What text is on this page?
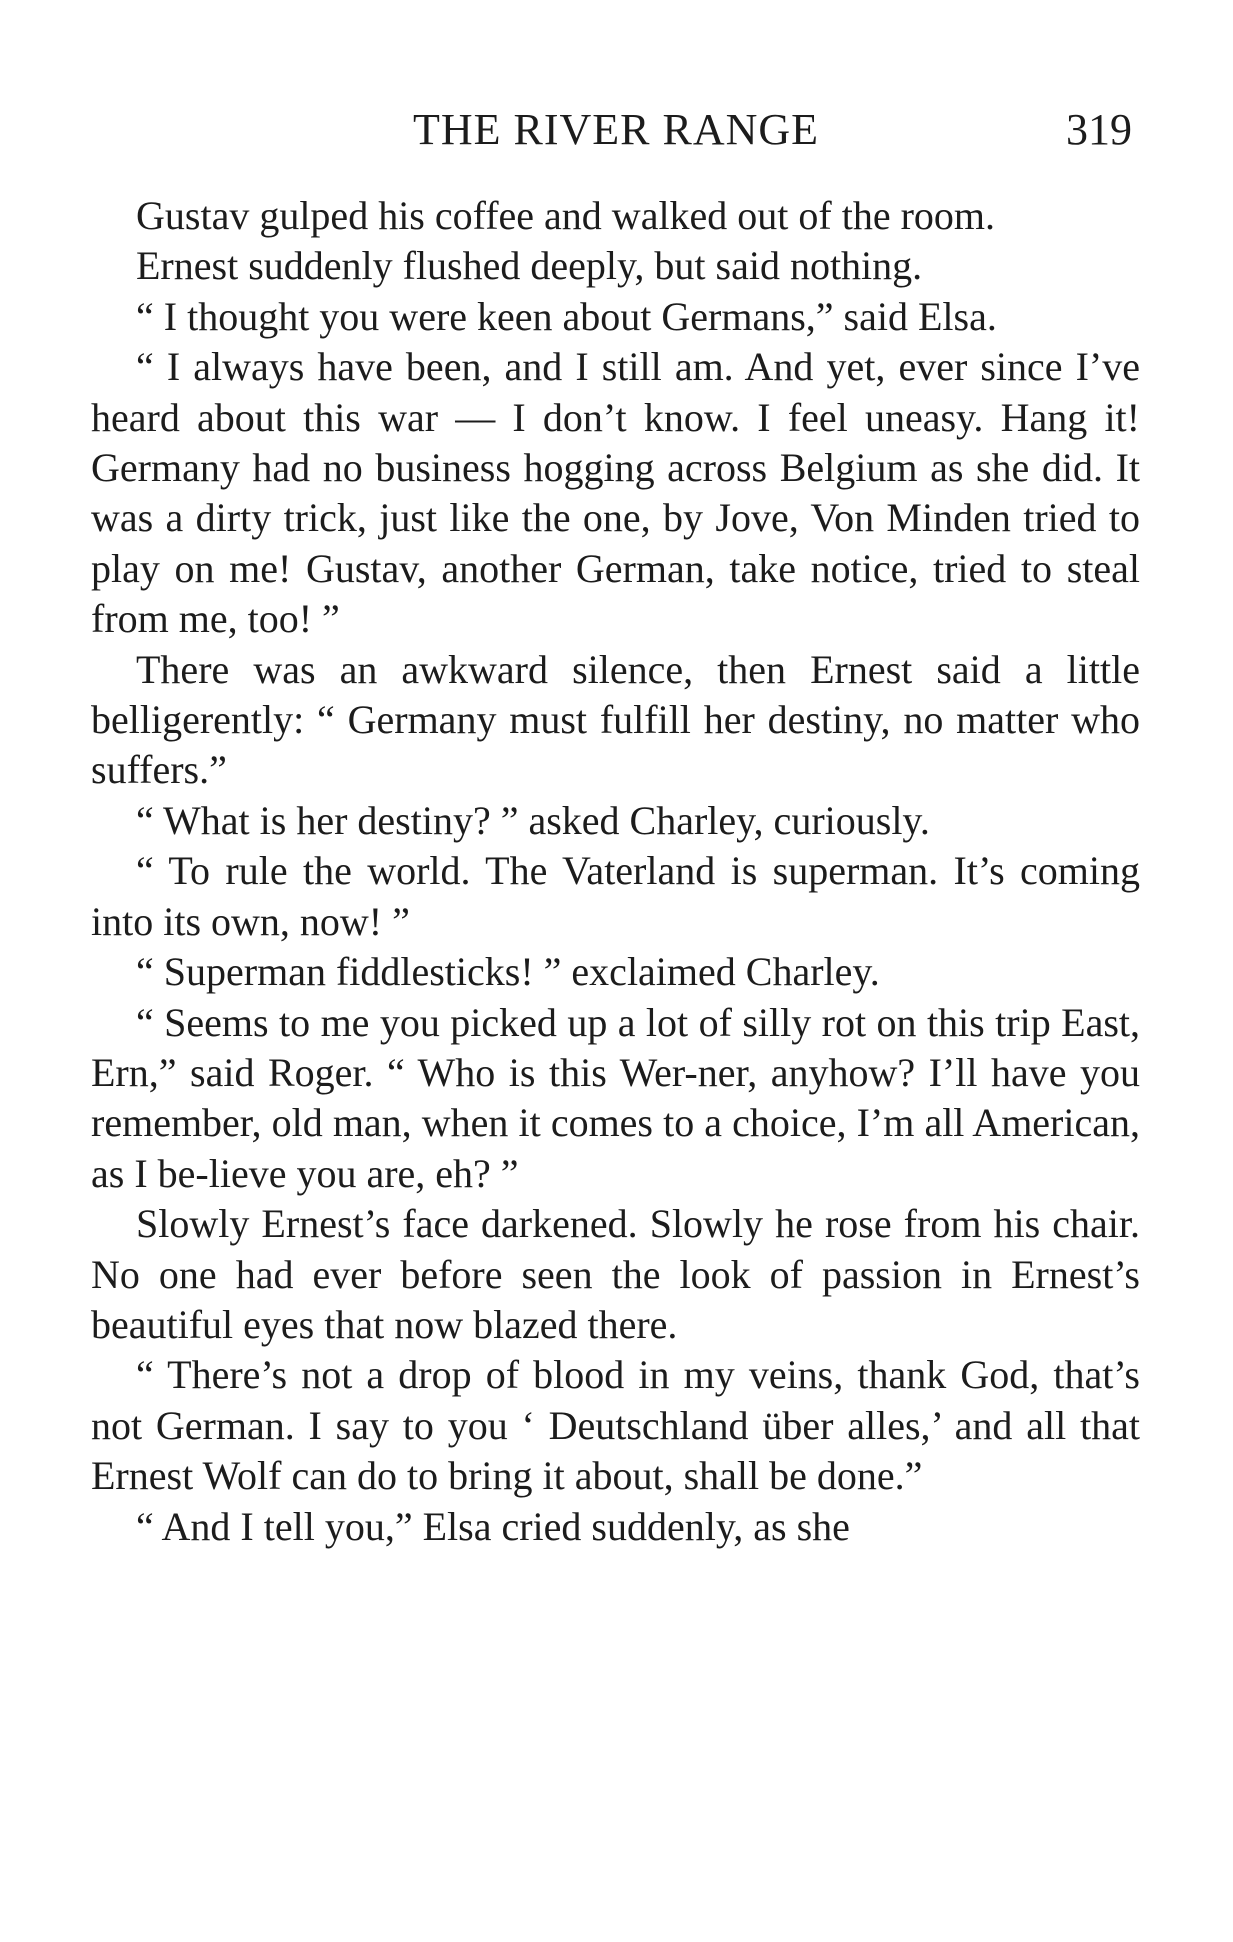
THE RIVER RANGE	319

Gustav gulped his coffee and walked out of the room.

Ernest suddenly flushed deeply, but said nothing.

“ I thought you were keen about Germans,” said Elsa.

“ I always have been, and I still am. And yet, ever since I’ve heard about this war — I don’t know. I feel uneasy. Hang it! Germany had no business hogging across Belgium as she did. It was a dirty trick, just like the one, by Jove, Von Minden tried to play on me! Gustav, another German, take notice, tried to steal from me, too! ”

There was an awkward silence, then Ernest said a little belligerently: “ Germany must fulfill her destiny, no matter who suffers.”

“ What is her destiny? ” asked Charley, curiously.

“ To rule the world. The Vaterland is superman. It’s coming into its own, now! ”

“ Superman fiddlesticks! ” exclaimed Charley.

“ Seems to me you picked up a lot of silly rot on this trip East, Ern,” said Roger. “ Who is this Wer-ner, anyhow? I’ll have you remember, old man, when it comes to a choice, I’m all American, as I be-lieve you are, eh? ”

Slowly Ernest’s face darkened. Slowly he rose from his chair. No one had ever before seen the look of passion in Ernest’s beautiful eyes that now blazed there.

“ There’s not a drop of blood in my veins, thank God, that’s not German. I say to you ‘ Deutschland über alles,’ and all that Ernest Wolf can do to bring it about, shall be done.”

“ And I tell you,” Elsa cried suddenly, as she
